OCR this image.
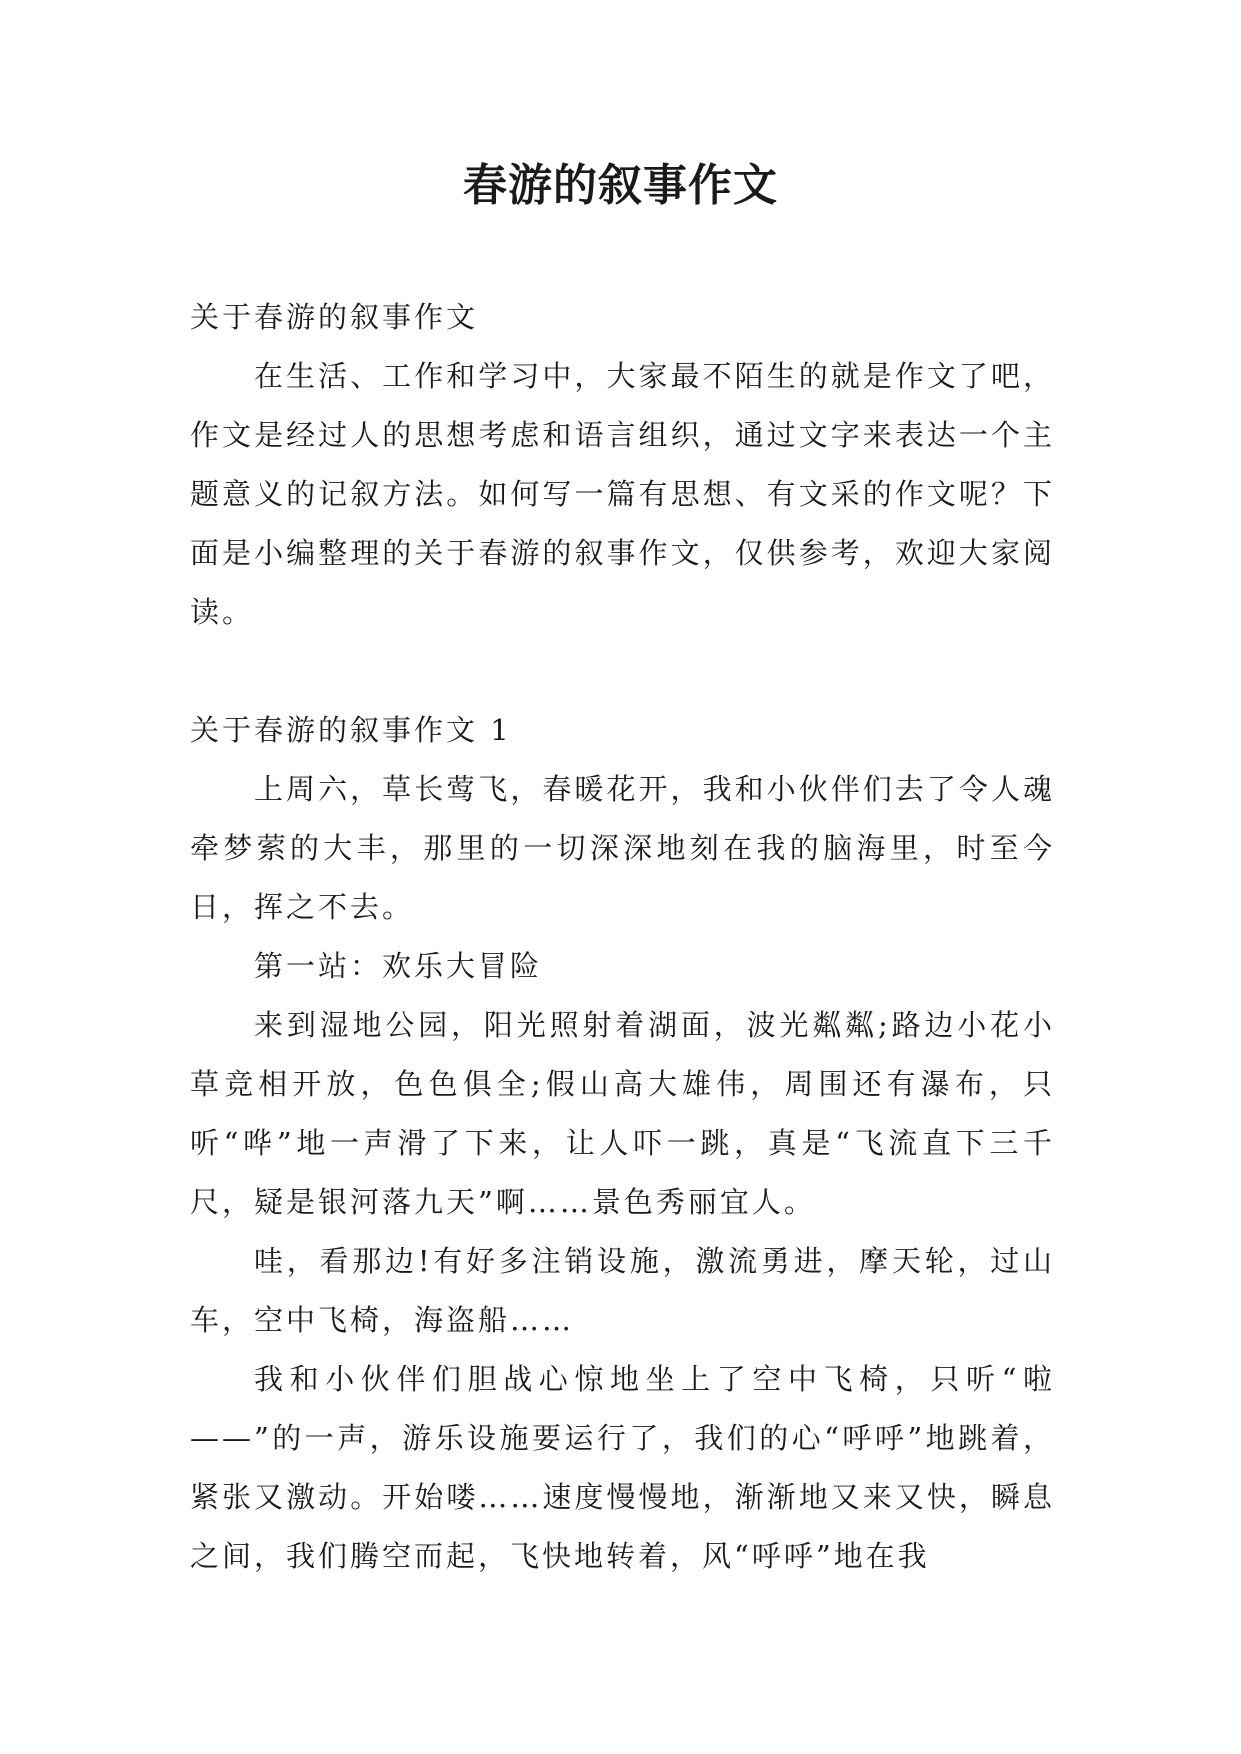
春游的叙事作文

关于春游的叙事作文

在生活、工作和学习中，大家最不陌生的就是作文了吧，作文是经过人的思想考虑和语言组织，通过文字来表达一个主题意义的记叙方法。如何写一篇有思想、有文采的作文呢？下面是小编整理的关于春游的叙事作文，仅供参考，欢迎大家阅读。

关于春游的叙事作文 1

上周六，草长莺飞，春暖花开，我和小伙伴们去了令人魂牵梦萦的大丰，那里的一切深深地刻在我的脑海里，时至今日，挥之不去。

第一站：欢乐大冒险

来到湿地公园，阳光照射着湖面，波光粼粼;路边小花小草竞相开放，色色俱全;假山高大雄伟，周围还有瀑布，只听“哗”地一声滑了下来，让人吓一跳，真是“飞流直下三千尺，疑是银河落九天”啊……景色秀丽宜人。

哇，看那边!有好多注销设施，激流勇进，摩天轮，过山车，空中飞椅，海盗船……

我和小伙伴们胆战心惊地坐上了空中飞椅，只听“啦——”的一声，游乐设施要运行了，我们的心“呼呼”地跳着，紧张又激动。开始喽……速度慢慢地，渐渐地又来又快，瞬息之间，我们腾空而起，飞快地转着，风“呼呼”地在我
